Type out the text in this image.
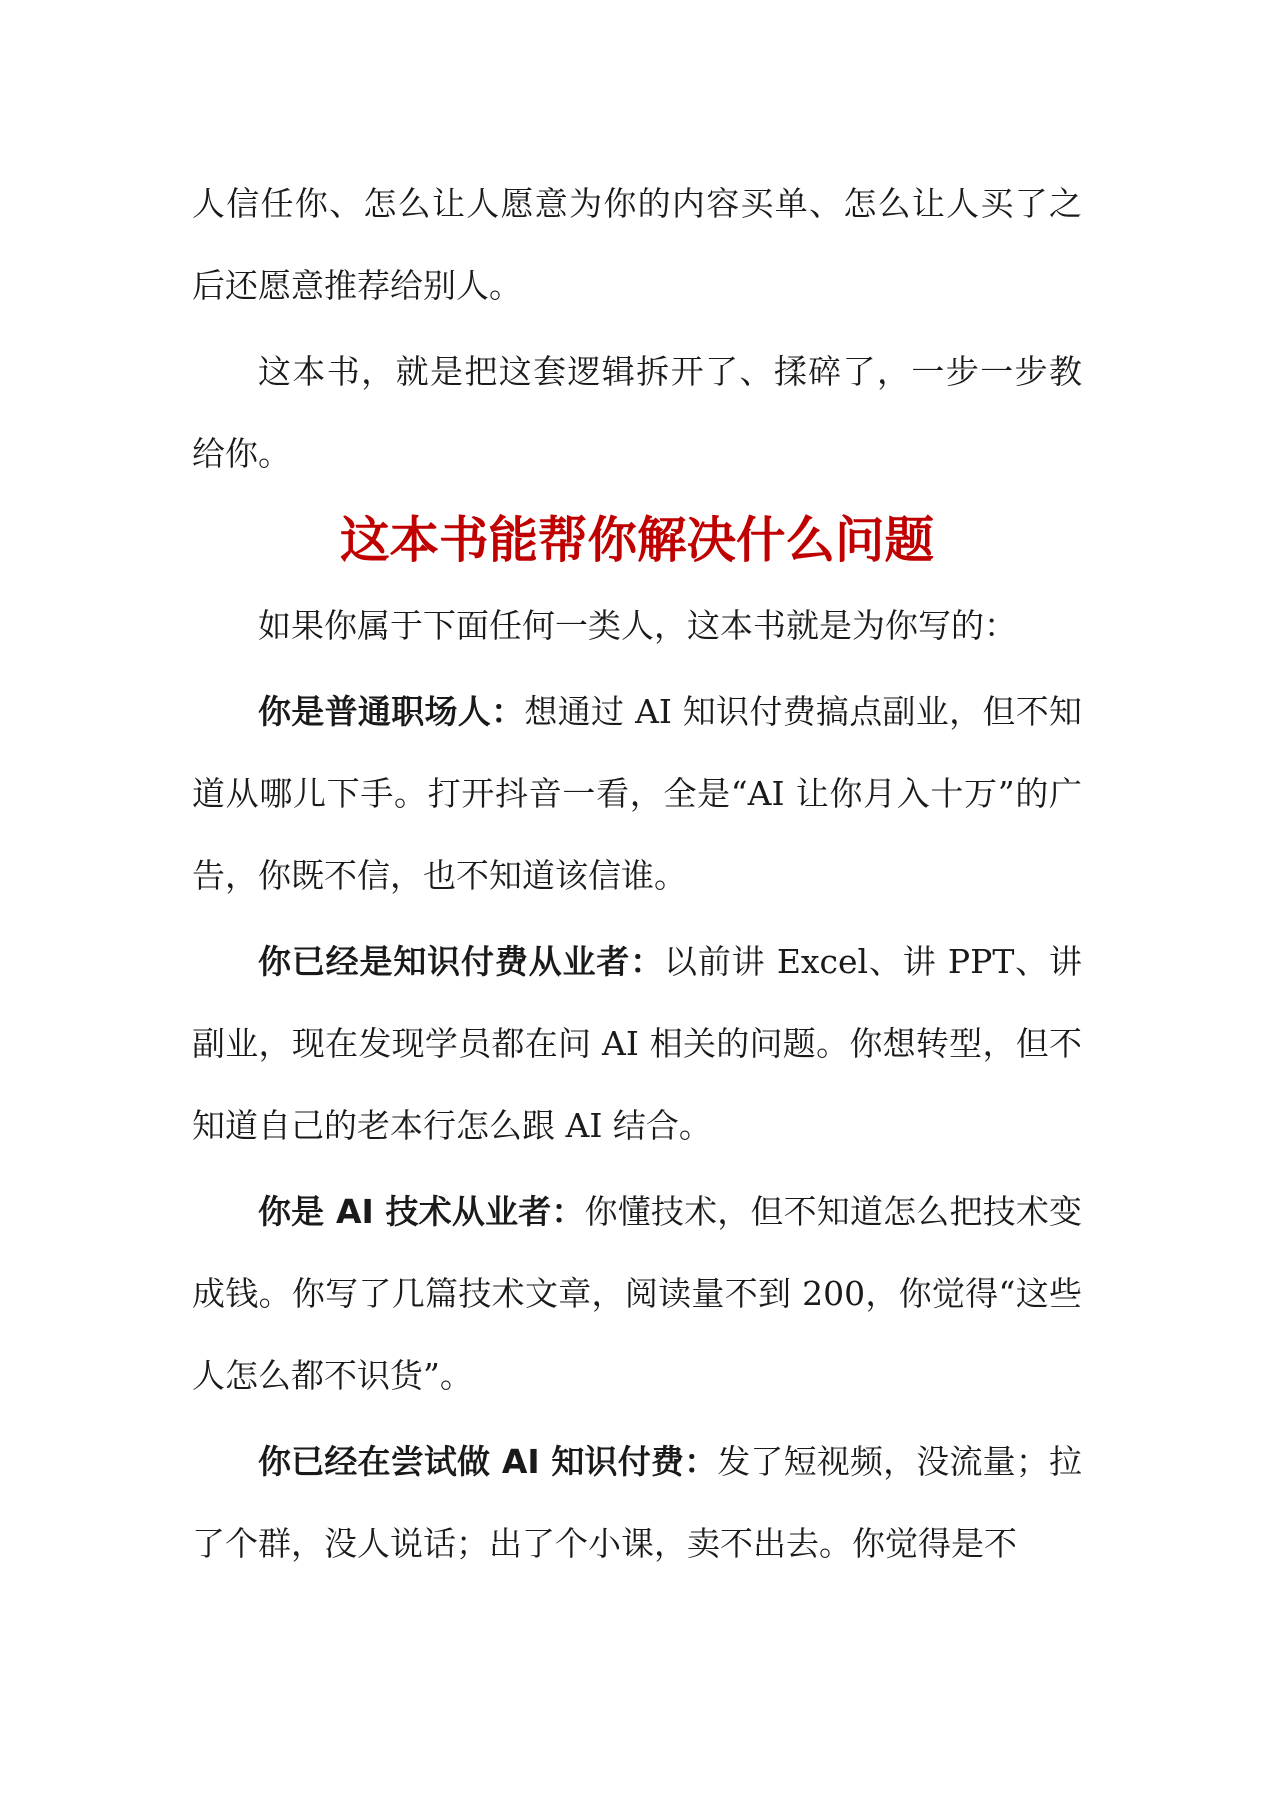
人信任你、怎么让人愿意为你的内容买单、怎么让人买了之后还愿意推荐给别人。

这本书，就是把这套逻辑拆开了、揉碎了，一步一步教给你。

这本书能帮你解决什么问题

如果你属于下面任何一类人，这本书就是为你写的：

你是普通职场人：想通过 AI 知识付费搞点副业，但不知道从哪儿下手。打开抖音一看，全是“AI 让你月入十万”的广告，你既不信，也不知道该信谁。

你已经是知识付费从业者：以前讲 Excel、讲 PPT、讲副业，现在发现学员都在问 AI 相关的问题。你想转型，但不知道自己的老本行怎么跟 AI 结合。

你是 AI 技术从业者：你懂技术，但不知道怎么把技术变成钱。你写了几篇技术文章，阅读量不到 200，你觉得“这些人怎么都不识货”。

你已经在尝试做 AI 知识付费：发了短视频，没流量；拉了个群，没人说话；出了个小课，卖不出去。你觉得是不
